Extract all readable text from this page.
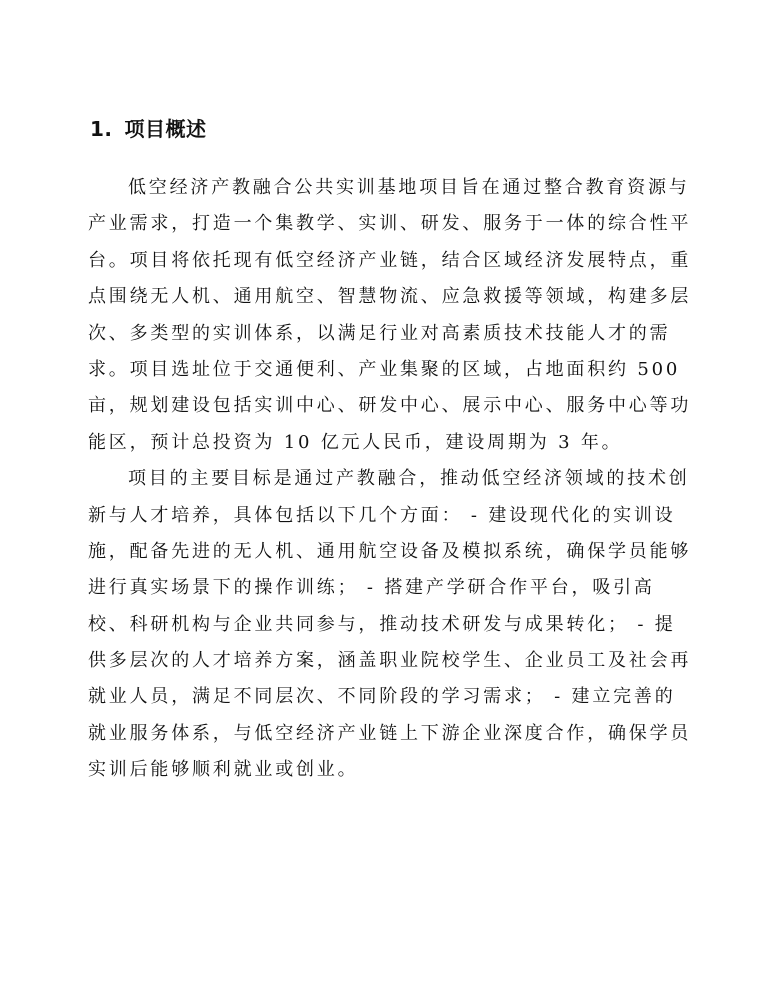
1. 项目概述
低空经济产教融合公共实训基地项目旨在通过整合教育资源与
产业需求，打造一个集教学、实训、研发、服务于一体的综合性平
台。项目将依托现有低空经济产业链，结合区域经济发展特点，重
点围绕无人机、通用航空、智慧物流、应急救援等领域，构建多层
次、多类型的实训体系，以满足行业对高素质技术技能人才的需
求。项目选址位于交通便利、产业集聚的区域，占地面积约 500
亩，规划建设包括实训中心、研发中心、展示中心、服务中心等功
能区，预计总投资为 10 亿元人民币，建设周期为 3 年。
项目的主要目标是通过产教融合，推动低空经济领域的技术创
新与人才培养，具体包括以下几个方面： - 建设现代化的实训设
施，配备先进的无人机、通用航空设备及模拟系统，确保学员能够
进行真实场景下的操作训练； - 搭建产学研合作平台，吸引高
校、科研机构与企业共同参与，推动技术研发与成果转化； - 提
供多层次的人才培养方案，涵盖职业院校学生、企业员工及社会再
就业人员，满足不同层次、不同阶段的学习需求； - 建立完善的
就业服务体系，与低空经济产业链上下游企业深度合作，确保学员
实训后能够顺利就业或创业。
